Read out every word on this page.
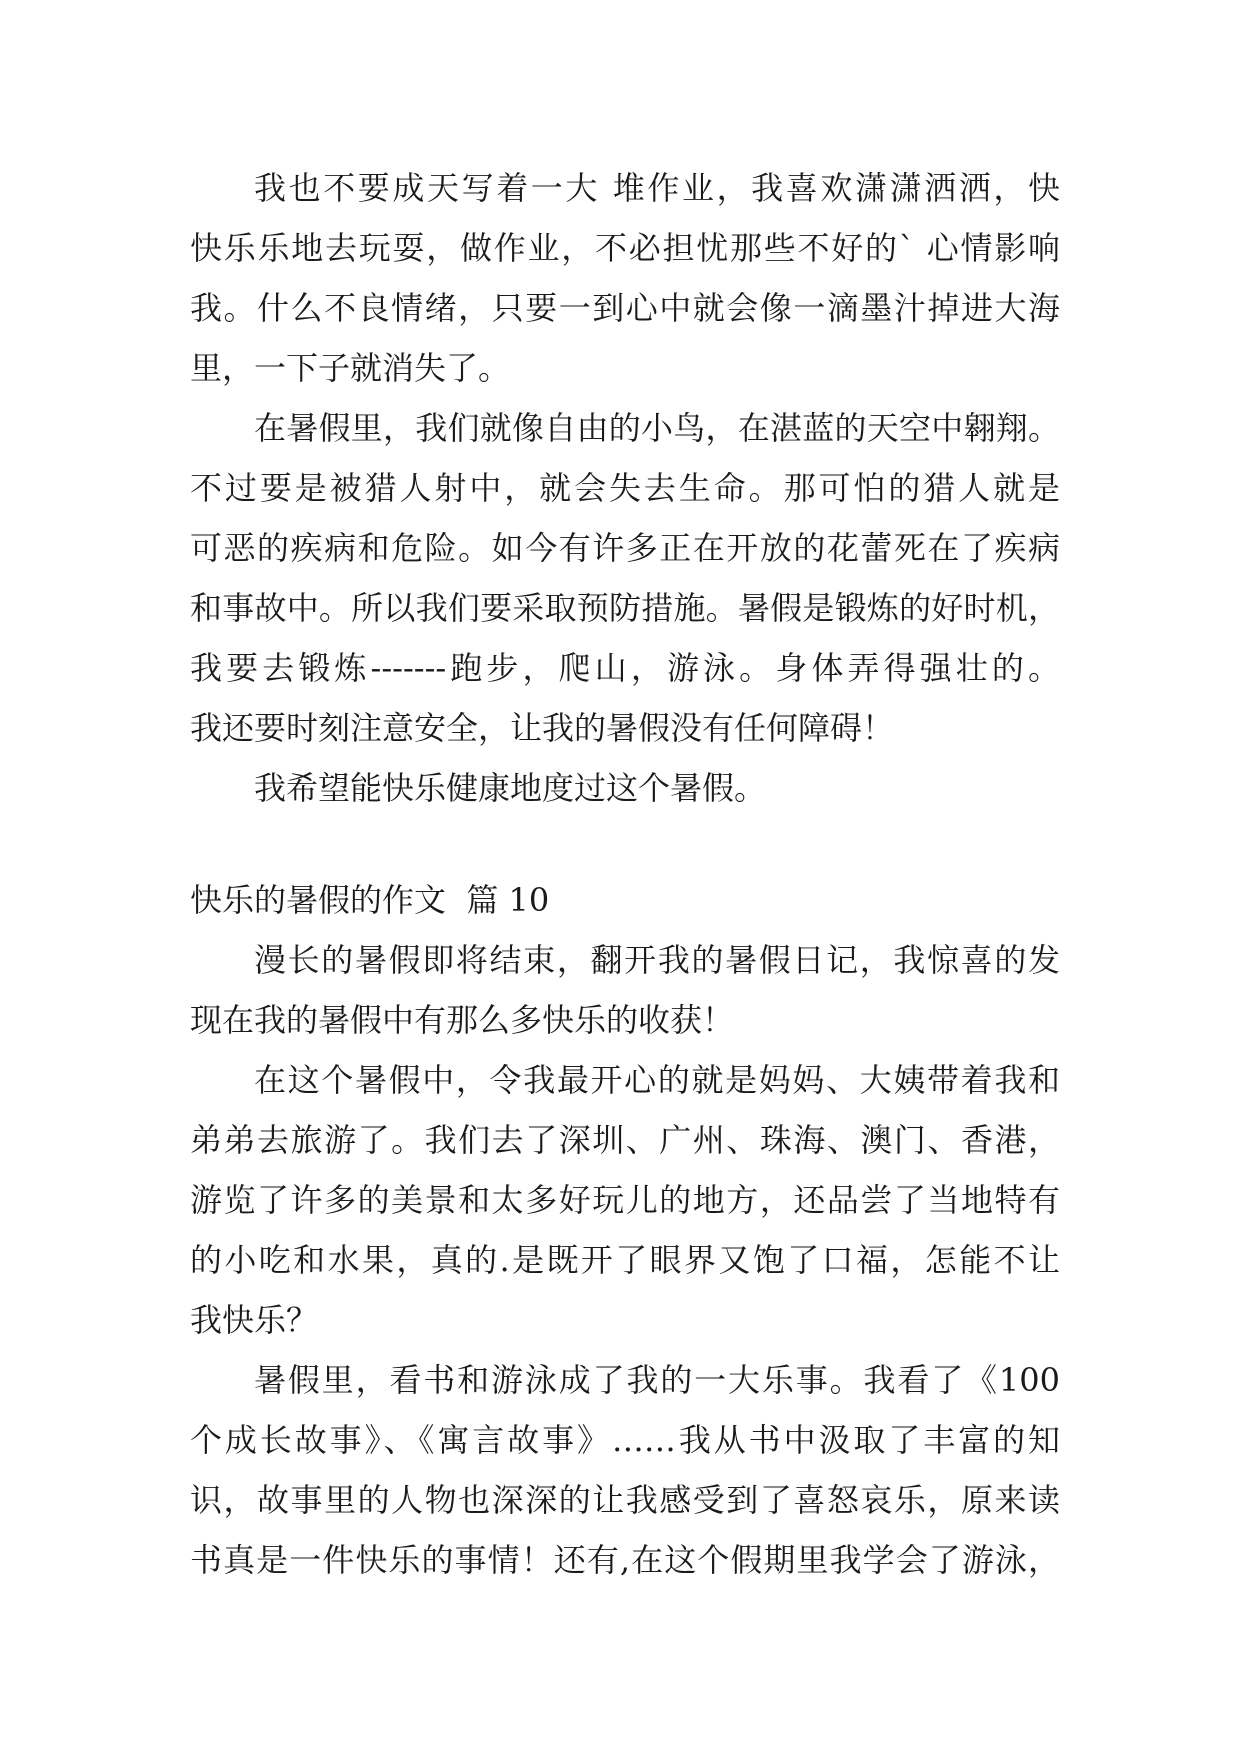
我也不要成天写着一大 堆作业，我喜欢潇潇洒洒，快
快乐乐地去玩耍，做作业，不必担忧那些不好的` 心情影响
我。什么不良情绪，只要一到心中就会像一滴墨汁掉进大海
里，一下子就消失了。
在暑假里，我们就像自由的小鸟，在湛蓝的天空中翱翔。
不过要是被猎人射中，就会失去生命。那可怕的猎人就是
可恶的疾病和危险。如今有许多正在开放的花蕾死在了疾病
和事故中。所以我们要采取预防措施。暑假是锻炼的好时机，
我要去锻炼-------跑步，爬山，游泳。身体弄得强壮的。
我还要时刻注意安全，让我的暑假没有任何障碍！
我希望能快乐健康地度过这个暑假。
快乐的暑假的作文  篇 10
漫长的暑假即将结束，翻开我的暑假日记，我惊喜的发
现在我的暑假中有那么多快乐的收获！
在这个暑假中，令我最开心的就是妈妈、大姨带着我和
弟弟去旅游了。我们去了深圳、广州、珠海、澳门、香港，
游览了许多的美景和太多好玩儿的地方，还品尝了当地特有
的小吃和水果，真的.是既开了眼界又饱了口福，怎能不让
我快乐？
暑假里，看书和游泳成了我的一大乐事。我看了《100
个成长故事》、《寓言故事》……我从书中汲取了丰富的知
识，故事里的人物也深深的让我感受到了喜怒哀乐，原来读
书真是一件快乐的事情！还有,在这个假期里我学会了游泳，
